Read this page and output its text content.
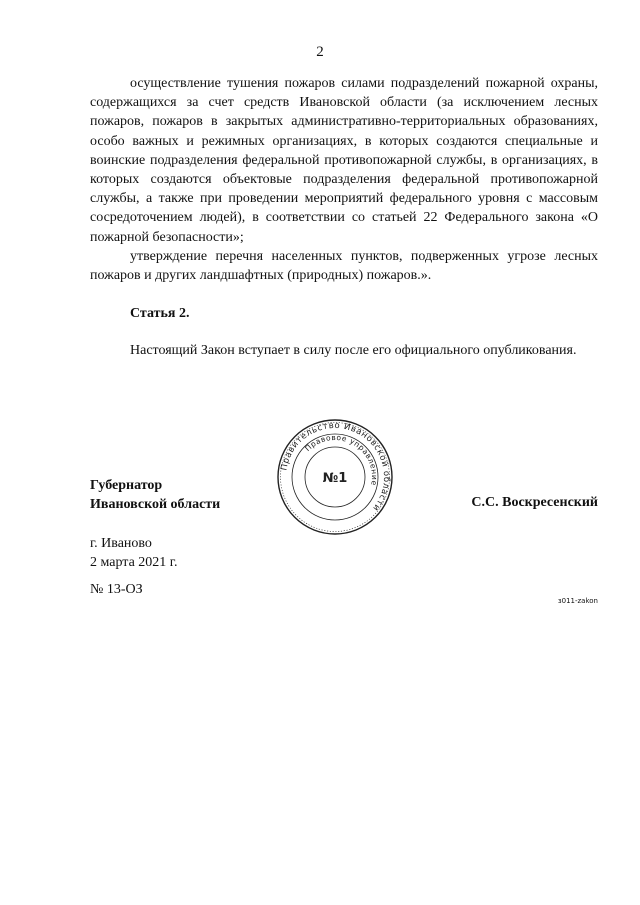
2

осуществление тушения пожаров силами подразделений пожарной охраны, содержащихся за счет средств Ивановской области (за исключением лесных пожаров, пожаров в закрытых административно-территориальных образованиях, особо важных и режимных организациях, в которых создаются специальные и воинские подразделения федеральной противопожарной службы, в организациях, в которых создаются объектовые подразделения федеральной противопожарной службы, а также при проведении мероприятий федерального уровня с массовым сосредоточением людей), в соответствии со статьей 22 Федерального закона «О пожарной безопасности»;

утверждение перечня населенных пунктов, подверженных угрозе лесных пожаров и других ландшафтных (природных) пожаров.».

Статья 2.

Настоящий Закон вступает в силу после его официального опубликования.

Губернатор
Ивановской области
Правительство Ивановской области
Правовое управление
№1
С.С. Воскресенский
г. Иваново
2 марта 2021 г.
№ 13-ОЗ
з011-zakon
